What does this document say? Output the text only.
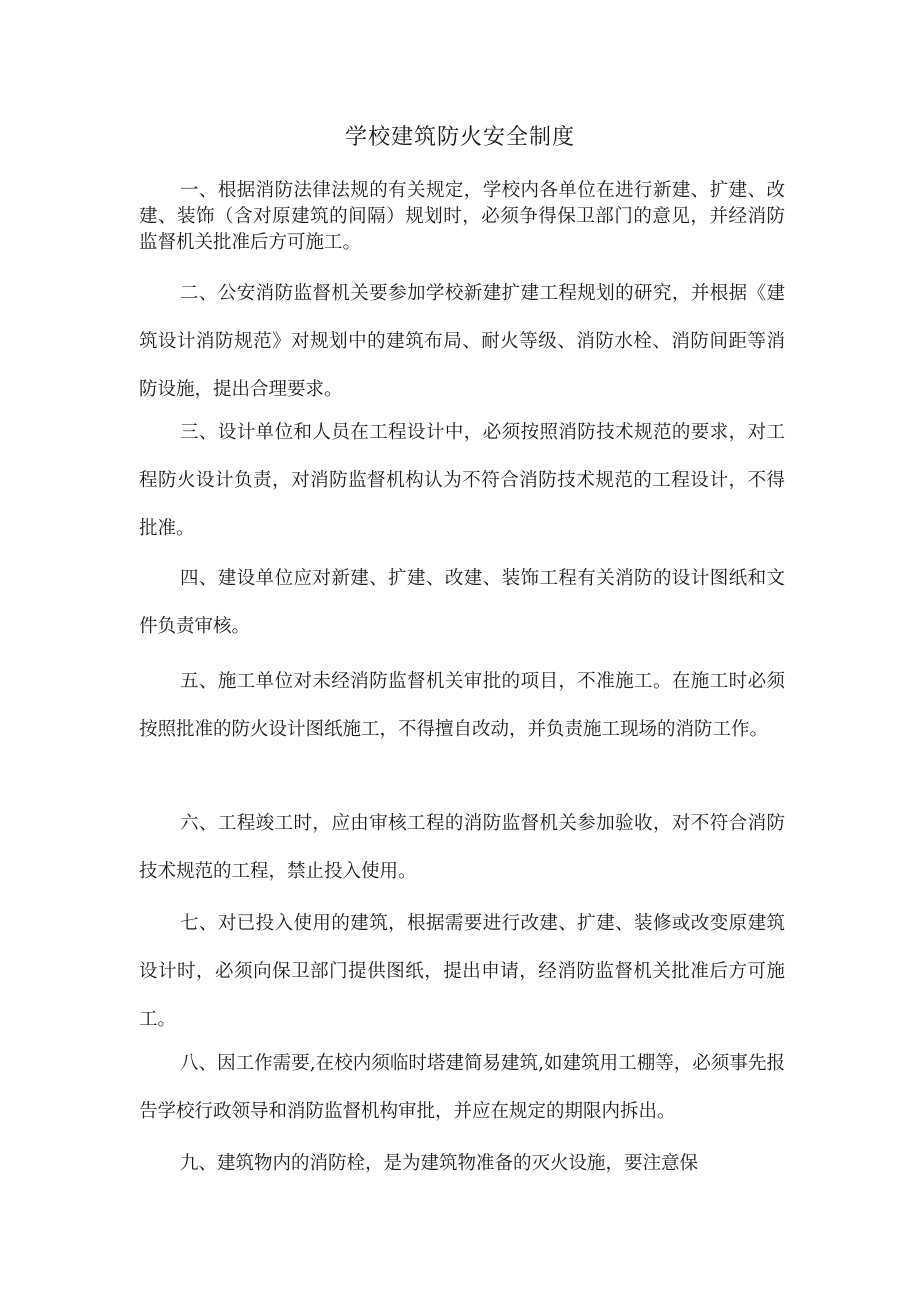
学校建筑防火安全制度

一、根据消防法律法规的有关规定，学校内各单位在进行新建、扩建、改建、装饰（含对原建筑的间隔）规划时，必须争得保卫部门的意见，并经消防监督机关批准后方可施工。

二、公安消防监督机关要参加学校新建扩建工程规划的研究，并根据《建筑设计消防规范》对规划中的建筑布局、耐火等级、消防水栓、消防间距等消防设施，提出合理要求。

三、设计单位和人员在工程设计中，必须按照消防技术规范的要求，对工程防火设计负责，对消防监督机构认为不符合消防技术规范的工程设计，不得批准。

四、建设单位应对新建、扩建、改建、装饰工程有关消防的设计图纸和文件负责审核。

五、施工单位对未经消防监督机关审批的项目，不准施工。在施工时必须按照批准的防火设计图纸施工，不得擅自改动，并负责施工现场的消防工作。

六、工程竣工时，应由审核工程的消防监督机关参加验收，对不符合消防技术规范的工程，禁止投入使用。

七、对已投入使用的建筑，根据需要进行改建、扩建、装修或改变原建筑设计时，必须向保卫部门提供图纸，提出申请，经消防监督机关批准后方可施工。

八、因工作需要,在校内须临时塔建简易建筑,如建筑用工棚等，必须事先报告学校行政领导和消防监督机构审批，并应在规定的期限内拆出。

九、建筑物内的消防栓，是为建筑物准备的灭火设施，要注意保
